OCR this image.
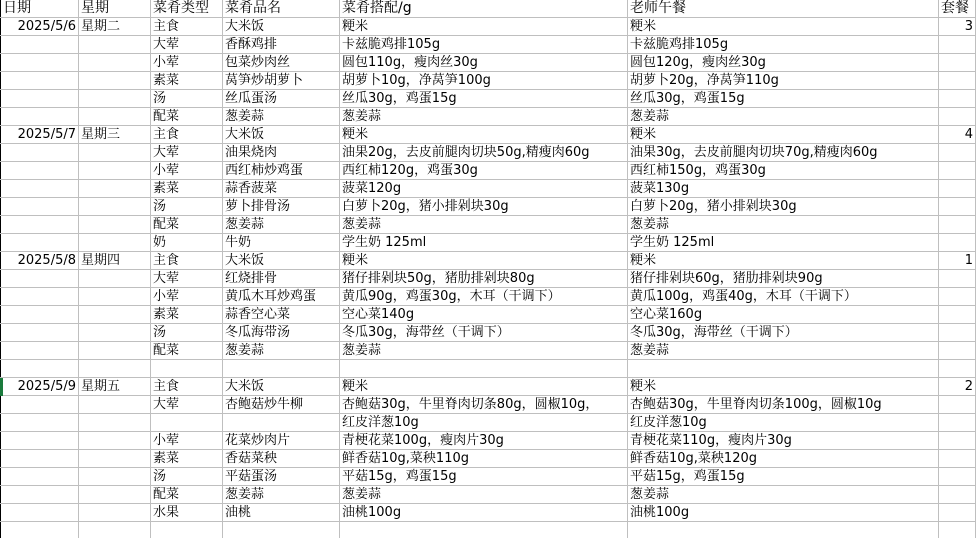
日期	星期	菜肴类型	菜肴品名	菜肴搭配/g	老师午餐	套餐
2025/5/6	星期二	主食	大米饭	粳米	粳米	3
		大荤	香酥鸡排	卡兹脆鸡排105g	卡兹脆鸡排105g	
		小荤	包菜炒肉丝	圆包110g，瘦肉丝30g	圆包120g，瘦肉丝30g	
		素菜	莴笋炒胡萝卜	胡萝卜10g，净莴笋100g	胡萝卜20g，净莴笋110g	
		汤	丝瓜蛋汤	丝瓜30g，鸡蛋15g	丝瓜30g，鸡蛋15g	
		配菜	葱姜蒜	葱姜蒜	葱姜蒜	
2025/5/7	星期三	主食	大米饭	粳米	粳米	4
		大荤	油果烧肉	油果20g，去皮前腿肉切块50g,精瘦肉60g	油果30g，去皮前腿肉切块70g,精瘦肉60g	
		小荤	西红柿炒鸡蛋	西红柿120g，鸡蛋30g	西红柿150g，鸡蛋30g	
		素菜	蒜香菠菜	菠菜120g	菠菜130g	
		汤	萝卜排骨汤	白萝卜20g，猪小排剁块30g	白萝卜20g，猪小排剁块30g	
		配菜	葱姜蒜	葱姜蒜	葱姜蒜	
		奶	牛奶	学生奶 125ml	学生奶 125ml	
2025/5/8	星期四	主食	大米饭	粳米	粳米	1
		大荤	红烧排骨	猪仔排剁块50g，猪肋排剁块80g	猪仔排剁块60g，猪肋排剁块90g	
		小荤	黄瓜木耳炒鸡蛋	黄瓜90g，鸡蛋30g，木耳（干调下）	黄瓜100g，鸡蛋40g，木耳（干调下）	
		素菜	蒜香空心菜	空心菜140g	空心菜160g	
		汤	冬瓜海带汤	冬瓜30g，海带丝（干调下）	冬瓜30g，海带丝（干调下）	
		配菜	葱姜蒜	葱姜蒜	葱姜蒜	

2025/5/9	星期五	主食	大米饭	粳米	粳米	2
		大荤	杏鲍菇炒牛柳	杏鲍菇30g，牛里脊肉切条80g，圆椒10g，	杏鲍菇30g，牛里脊肉切条100g，圆椒10g	
				红皮洋葱10g	红皮洋葱10g	
		小荤	花菜炒肉片	青梗花菜100g，瘦肉片30g	青梗花菜110g，瘦肉片30g	
		素菜	香菇菜秧	鲜香菇10g,菜秧110g	鲜香菇10g,菜秧120g	
		汤	平菇蛋汤	平菇15g，鸡蛋15g	平菇15g，鸡蛋15g	
		配菜	葱姜蒜	葱姜蒜	葱姜蒜	
		水果	油桃	油桃100g	油桃100g	
